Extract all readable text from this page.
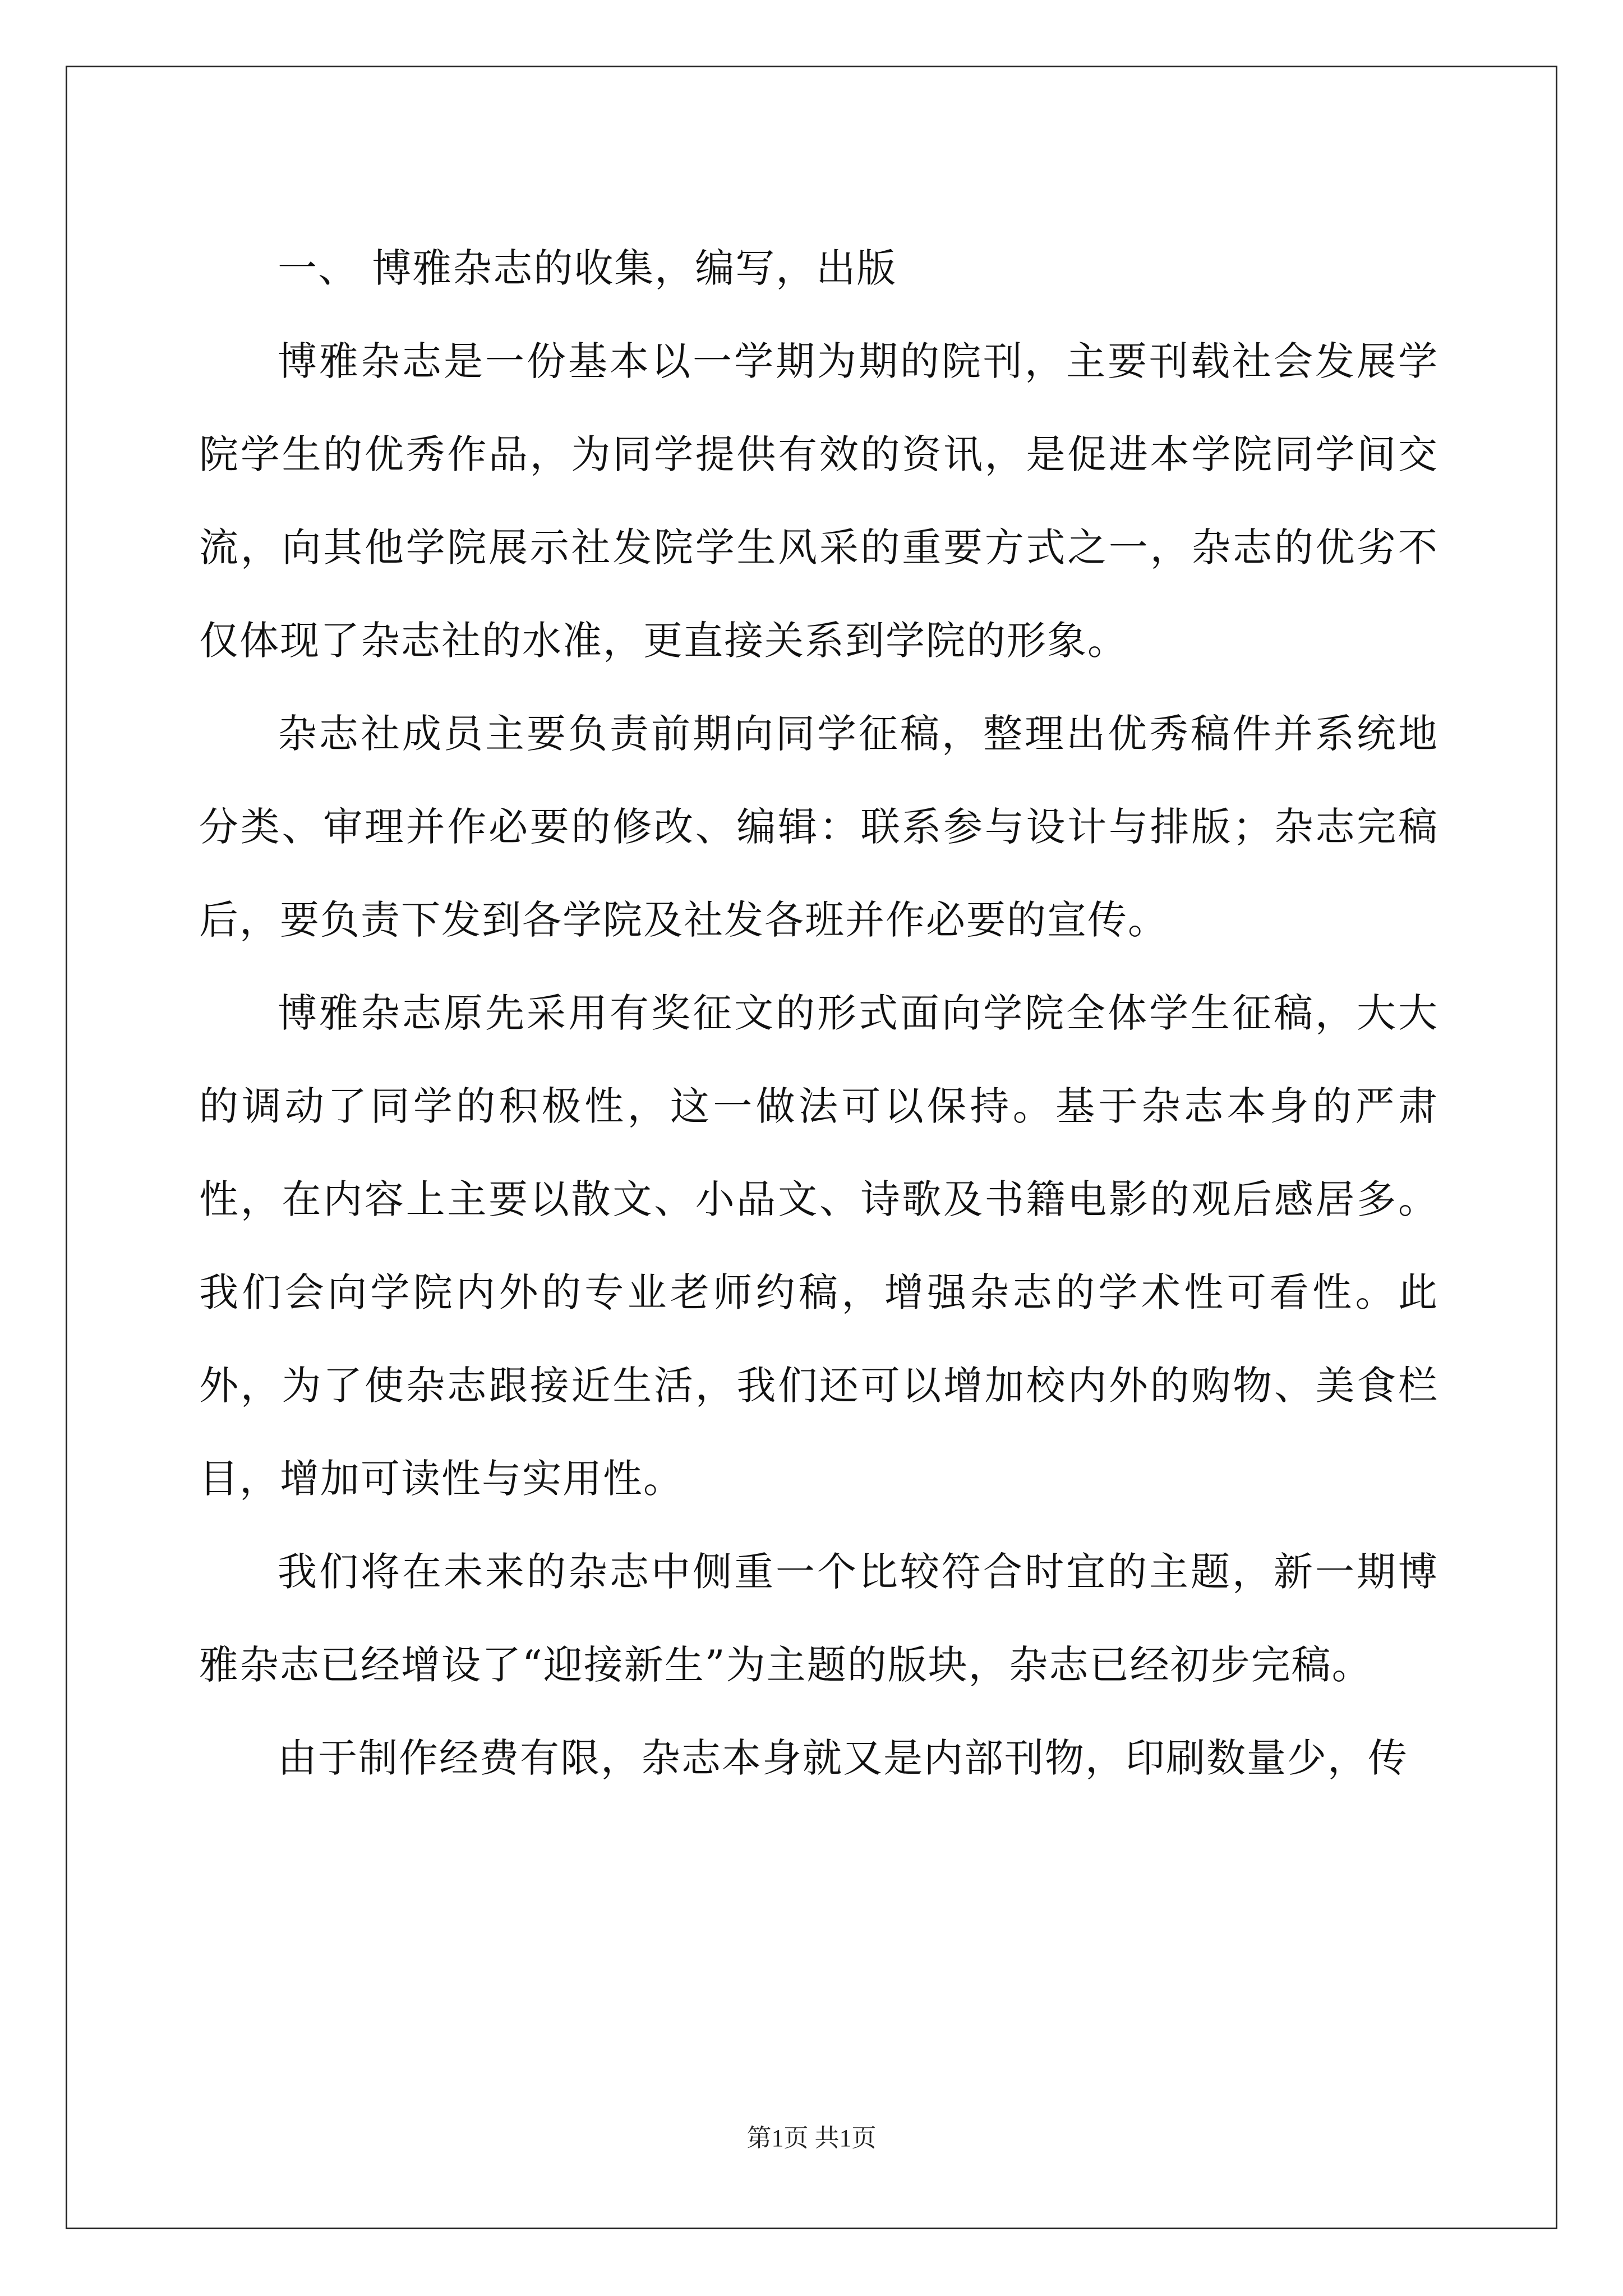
一、 博雅杂志的收集，编写，出版

博雅杂志是一份基本以一学期为期的院刊，主要刊载社会发展学院学生的优秀作品，为同学提供有效的资讯，是促进本学院同学间交流，向其他学院展示社发院学生风采的重要方式之一，杂志的优劣不仅体现了杂志社的水准，更直接关系到学院的形象。

杂志社成员主要负责前期向同学征稿，整理出优秀稿件并系统地分类、审理并作必要的修改、编辑：联系参与设计与排版；杂志完稿后，要负责下发到各学院及社发各班并作必要的宣传。

博雅杂志原先采用有奖征文的形式面向学院全体学生征稿，大大的调动了同学的积极性，这一做法可以保持。基于杂志本身的严肃性，在内容上主要以散文、小品文、诗歌及书籍电影的观后感居多。我们会向学院内外的专业老师约稿，增强杂志的学术性可看性。此外，为了使杂志跟接近生活，我们还可以增加校内外的购物、美食栏目，增加可读性与实用性。

我们将在未来的杂志中侧重一个比较符合时宜的主题，新一期博雅杂志已经增设了“迎接新生”为主题的版块，杂志已经初步完稿。

由于制作经费有限，杂志本身就又是内部刊物，印刷数量少，传

第1页 共1页
